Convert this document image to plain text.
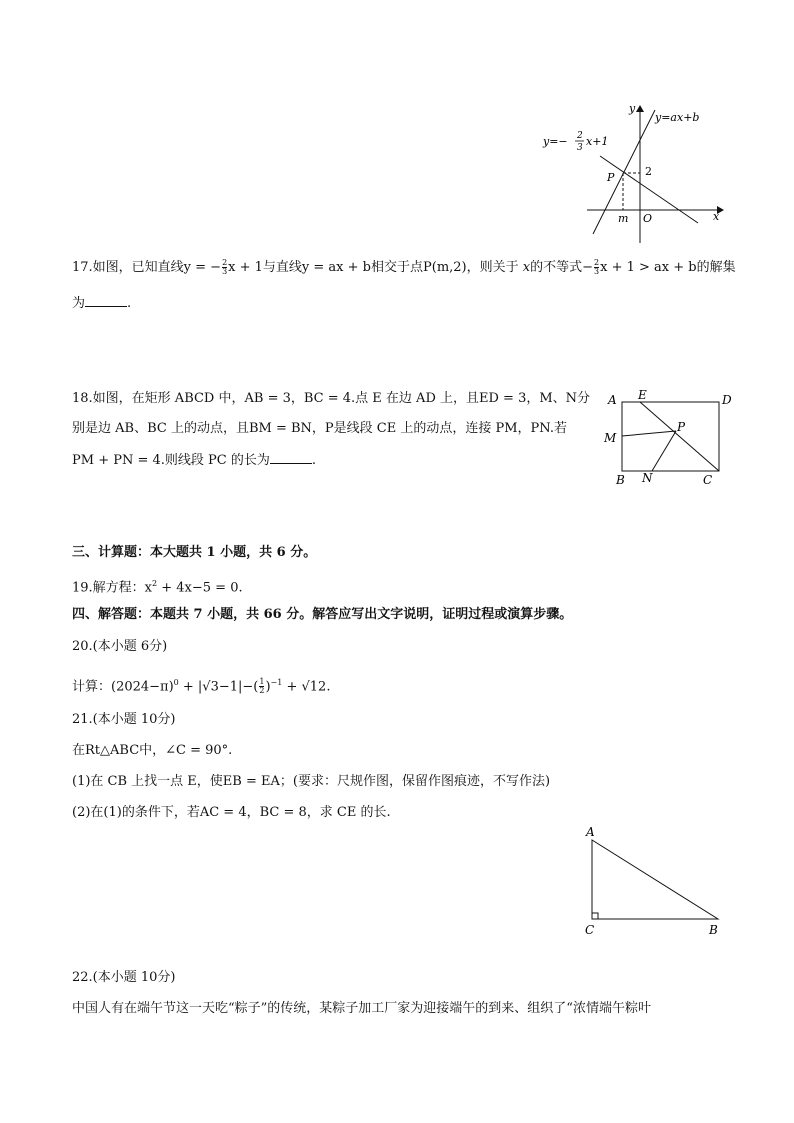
y
x
y=ax+b
y=− 2
3 x+1
P	2
m O
17.如图，已知直线y = − $\frac{2}{3}$ x + 1与直线y = ax + b相交于点P(m,2)，则关于 x的不等式− $\frac{2}{3}$ x + 1 > ax + b的解集
为	.
18.如图，在矩形 ABCD 中，AB = 3，BC = 4.点 E 在边 AD 上，且ED = 3，M、N分
别是边 AB、BC 上的动点，且BM = BN，P是线段 CE 上的动点，连接 PM，PN.若
PM + PN = 4.则线段 PC 的长为	.
A E	D
M
P
B N	C
三、计算题：本大题共 1 小题，共 6 分。
19.解方程：$x^2 + 4x-5 = 0$.
四、解答题：本题共 7 小题，共 66 分。解答应写出文字说明，证明过程或演算步骤。
20.(本小题 6分)
计算：$(2024-\pi)^0 + |√3-1|-( \frac{1}{2} )^{-1} + √12$.
21.(本小题 10分)
在Rt△ABC中，∠C = 90°.
(1)在 CB 上找一点 E，使EB = EA；(要求：尺规作图，保留作图痕迹，不写作法)
(2)在(1)的条件下，若AC = 4，BC = 8，求 CE 的长.
A
C	B
22.(本小题 10分)
中国人有在端午节这一天吃“粽子”的传统，某粽子加工厂家为迎接端午的到来、组织了“浓情端午粽叶
